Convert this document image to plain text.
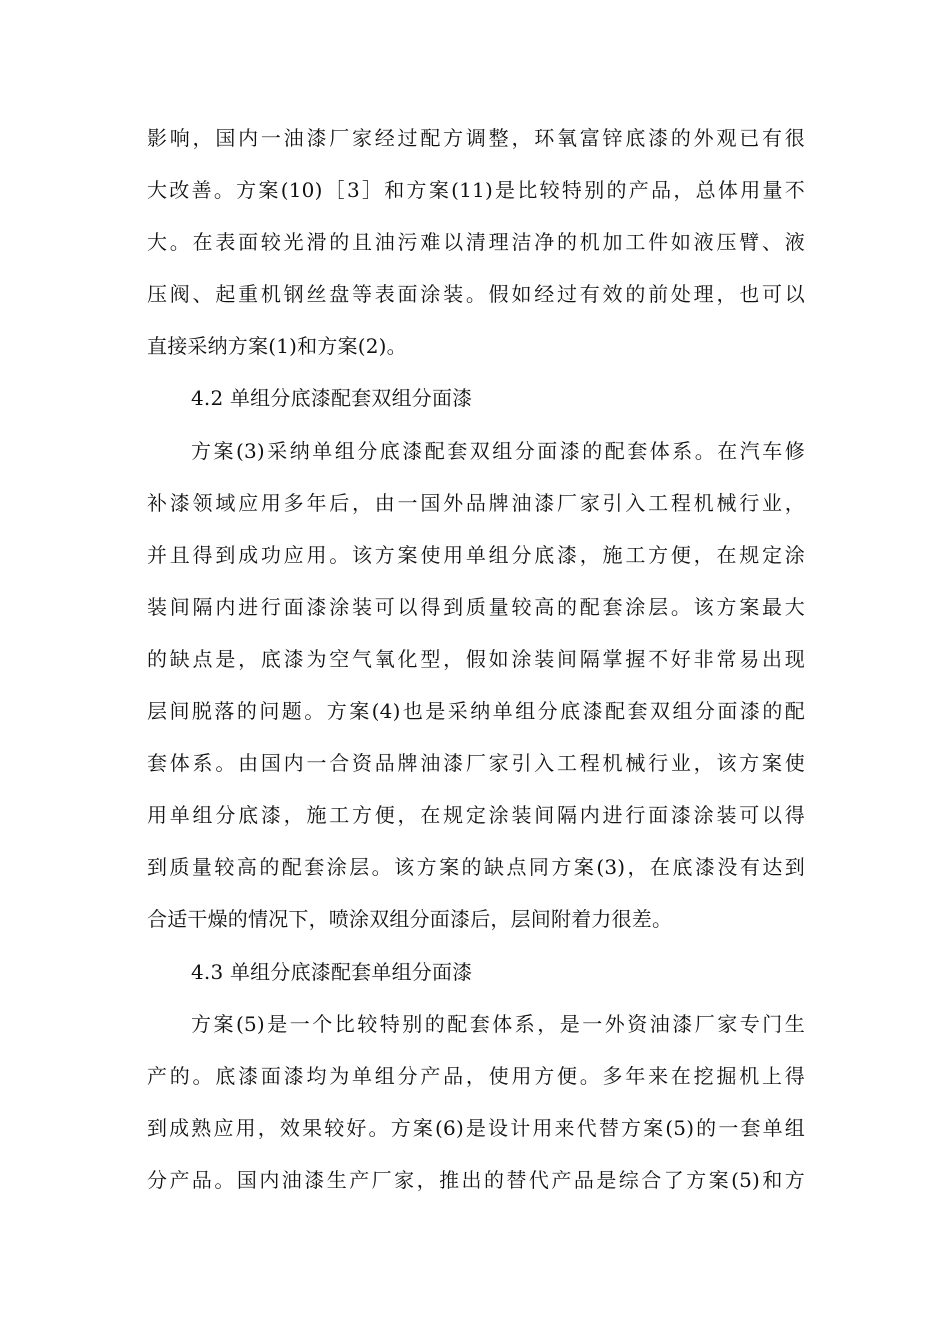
影响，国内一油漆厂家经过配方调整，环氧富锌底漆的外观已有很
大改善。方案(10)［3］和方案(11)是比较特别的产品，总体用量不
大。在表面较光滑的且油污难以清理洁净的机加工件如液压臂、液
压阀、起重机钢丝盘等表面涂装。假如经过有效的前处理，也可以
直接采纳方案(1)和方案(2)。
4.2 单组分底漆配套双组分面漆
方案(3)采纳单组分底漆配套双组分面漆的配套体系。在汽车修
补漆领域应用多年后，由一国外品牌油漆厂家引入工程机械行业，
并且得到成功应用。该方案使用单组分底漆，施工方便，在规定涂
装间隔内进行面漆涂装可以得到质量较高的配套涂层。该方案最大
的缺点是，底漆为空气氧化型，假如涂装间隔掌握不好非常易出现
层间脱落的问题。方案(4)也是采纳单组分底漆配套双组分面漆的配
套体系。由国内一合资品牌油漆厂家引入工程机械行业，该方案使
用单组分底漆，施工方便，在规定涂装间隔内进行面漆涂装可以得
到质量较高的配套涂层。该方案的缺点同方案(3)，在底漆没有达到
合适干燥的情况下，喷涂双组分面漆后，层间附着力很差。
4.3 单组分底漆配套单组分面漆
方案(5)是一个比较特别的配套体系，是一外资油漆厂家专门生
产的。底漆面漆均为单组分产品，使用方便。多年来在挖掘机上得
到成熟应用，效果较好。方案(6)是设计用来代替方案(5)的一套单组
分产品。国内油漆生产厂家，推出的替代产品是综合了方案(5)和方
